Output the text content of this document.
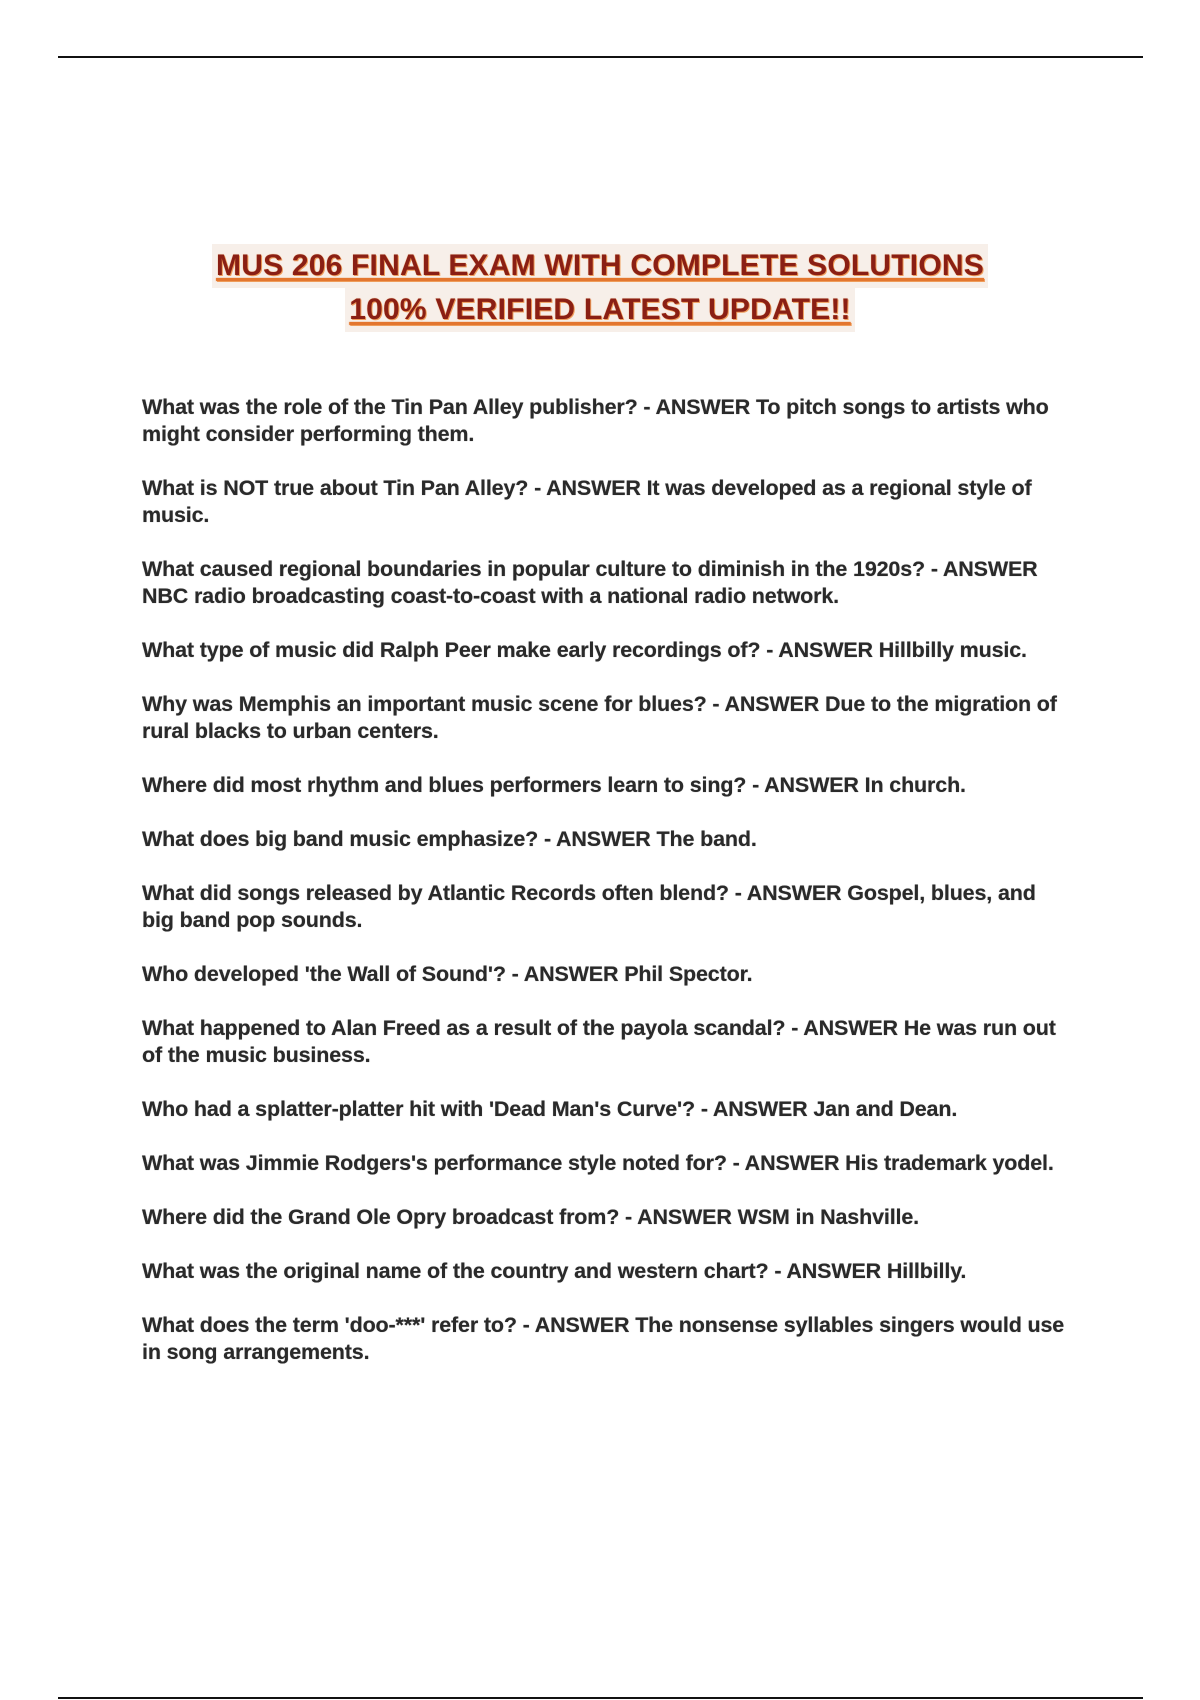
MUS 206 FINAL EXAM WITH COMPLETE SOLUTIONS
100% VERIFIED LATEST UPDATE!!
What was the role of the Tin Pan Alley publisher? - ANSWER To pitch songs to artists who might consider performing them.
What is NOT true about Tin Pan Alley? - ANSWER It was developed as a regional style of music.
What caused regional boundaries in popular culture to diminish in the 1920s? - ANSWER NBC radio broadcasting coast-to-coast with a national radio network.
What type of music did Ralph Peer make early recordings of? - ANSWER Hillbilly music.
Why was Memphis an important music scene for blues? - ANSWER Due to the migration of rural blacks to urban centers.
Where did most rhythm and blues performers learn to sing? - ANSWER In church.
What does big band music emphasize? - ANSWER The band.
What did songs released by Atlantic Records often blend? - ANSWER Gospel, blues, and big band pop sounds.
Who developed 'the Wall of Sound'? - ANSWER Phil Spector.
What happened to Alan Freed as a result of the payola scandal? - ANSWER He was run out of the music business.
Who had a splatter-platter hit with 'Dead Man's Curve'? - ANSWER Jan and Dean.
What was Jimmie Rodgers's performance style noted for? - ANSWER His trademark yodel.
Where did the Grand Ole Opry broadcast from? - ANSWER WSM in Nashville.
What was the original name of the country and western chart? - ANSWER Hillbilly.
What does the term 'doo-***' refer to? - ANSWER The nonsense syllables singers would use in song arrangements.
